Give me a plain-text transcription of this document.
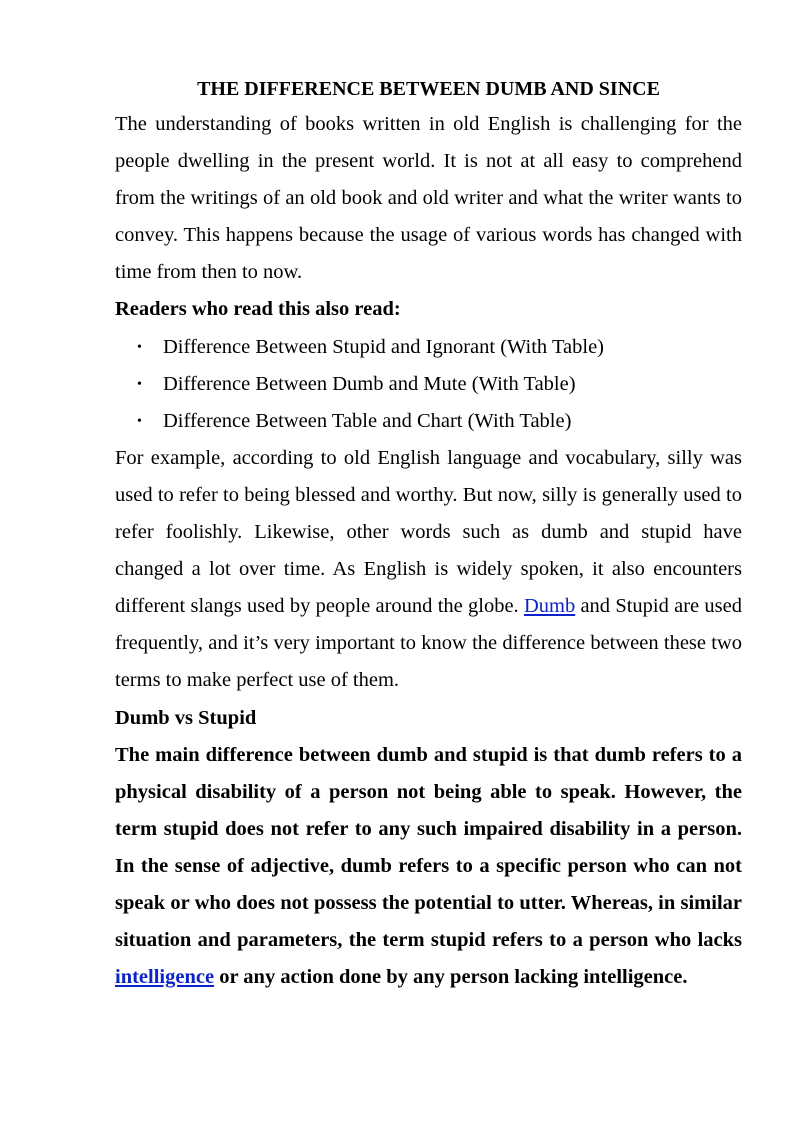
THE DIFFERENCE BETWEEN DUMB AND SINCE

The understanding of books written in old English is challenging for the people dwelling in the present world. It is not at all easy to comprehend from the writings of an old book and old writer and what the writer wants to convey. This happens because the usage of various words has changed with time from then to now.

Readers who read this also read:

• Difference Between Stupid and Ignorant (With Table)
• Difference Between Dumb and Mute (With Table)
• Difference Between Table and Chart (With Table)

For example, according to old English language and vocabulary, silly was used to refer to being blessed and worthy. But now, silly is generally used to refer foolishly. Likewise, other words such as dumb and stupid have changed a lot over time. As English is widely spoken, it also encounters different slangs used by people around the globe. Dumb and Stupid are used frequently, and it’s very important to know the difference between these two terms to make perfect use of them.

Dumb vs Stupid

The main difference between dumb and stupid is that dumb refers to a physical disability of a person not being able to speak. However, the term stupid does not refer to any such impaired disability in a person. In the sense of adjective, dumb refers to a specific person who can not speak or who does not possess the potential to utter. Whereas, in similar situation and parameters, the term stupid refers to a person who lacks intelligence or any action done by any person lacking intelligence.
